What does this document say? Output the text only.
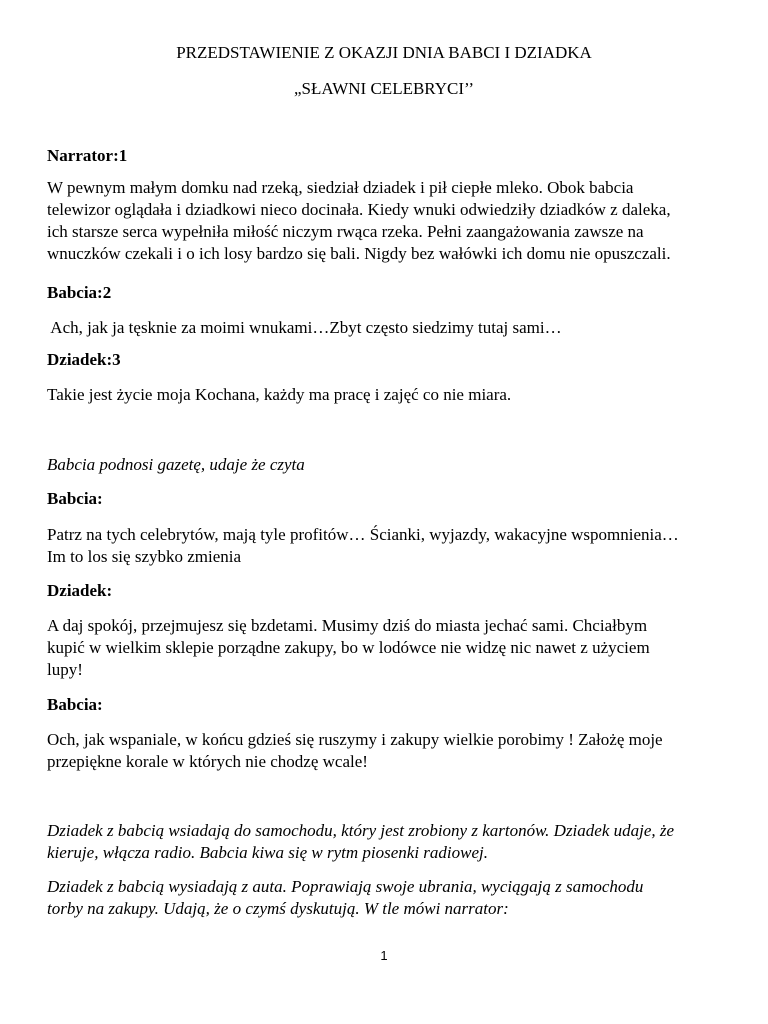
PRZEDSTAWIENIE Z OKAZJI DNIA BABCI I DZIADKA
„SŁAWNI CELEBRYCI’’
Narrator:1
W pewnym małym domku nad rzeką, siedział dziadek i pił ciepłe mleko. Obok babcia
telewizor oglądała i dziadkowi nieco docinała. Kiedy wnuki odwiedziły dziadków z daleka,
ich starsze serca wypełniła miłość niczym rwąca rzeka. Pełni zaangażowania zawsze na
wnuczków czekali i o ich losy bardzo się bali. Nigdy bez wałówki ich domu nie opuszczali.
Babcia:2
Ach, jak ja tęsknie za moimi wnukami…Zbyt często siedzimy tutaj sami…
Dziadek:3
Takie jest życie moja Kochana, każdy ma pracę i zajęć co nie miara.
Babcia podnosi gazetę, udaje że czyta
Babcia:
Patrz na tych celebrytów, mają tyle profitów… Ścianki, wyjazdy, wakacyjne wspomnienia…
Im to los się szybko zmienia
Dziadek:
A daj spokój, przejmujesz się bzdetami. Musimy dziś do miasta jechać sami. Chciałbym
kupić w wielkim sklepie porządne zakupy, bo w lodówce nie widzę nic nawet z użyciem
lupy!
Babcia:
Och, jak wspaniale, w końcu gdzieś się ruszymy i zakupy wielkie porobimy ! Założę moje
przepiękne korale w których nie chodzę wcale!
Dziadek z babcią wsiadają do samochodu, który jest zrobiony z kartonów. Dziadek udaje, że
kieruje, włącza radio. Babcia kiwa się w rytm piosenki radiowej.
Dziadek z babcią wysiadają z auta. Poprawiają swoje ubrania, wyciągają z samochodu
torby na zakupy. Udają, że o czymś dyskutują. W tle mówi narrator:
1
